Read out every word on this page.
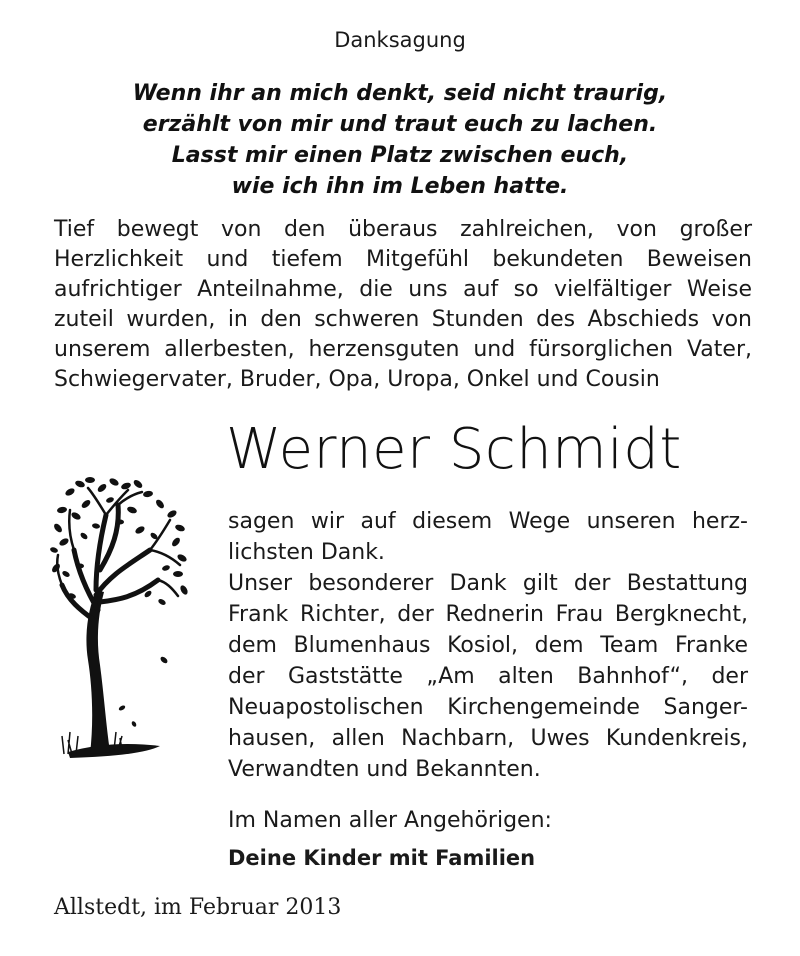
Danksagung
Wenn ihr an mich denkt, seid nicht traurig,
erzählt von mir und traut euch zu lachen.
Lasst mir einen Platz zwischen euch,
wie ich ihn im Leben hatte.
Tief bewegt von den überaus zahlreichen, von großer
Herzlichkeit und tiefem Mitgefühl bekundeten Beweisen
aufrichtiger Anteilnahme, die uns auf so vielfältiger Weise
zuteil wurden, in den schweren Stunden des Abschieds von
unserem allerbesten, herzensguten und fürsorglichen Vater,
Schwiegervater, Bruder, Opa, Uropa, Onkel und Cousin
Werner Schmidt
sagen wir auf diesem Wege unseren herz-
lichsten Dank.
Unser besonderer Dank gilt der Bestattung
Frank Richter, der Rednerin Frau Bergknecht,
dem Blumenhaus Kosiol, dem Team Franke
der Gaststätte „Am alten Bahnhof“, der
Neuapostolischen Kirchengemeinde Sanger-
hausen, allen Nachbarn, Uwes Kundenkreis,
Verwandten und Bekannten.
Im Namen aller Angehörigen:
Deine Kinder mit Familien
Allstedt, im Februar 2013
